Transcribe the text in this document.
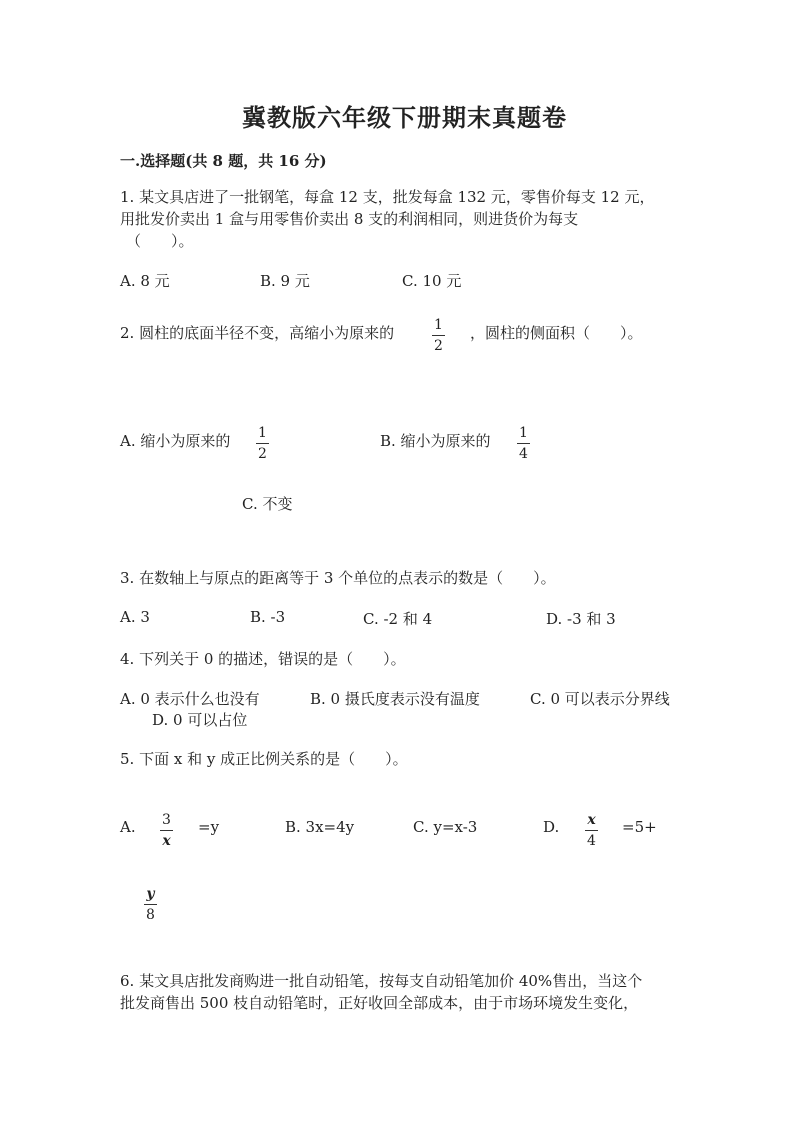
冀教版六年级下册期末真题卷
一.选择题(共 8 题，共 16 分)
1. 某文具店进了一批钢笔，每盒 12 支，批发每盒 132 元，零售价每支 12 元，
用批发价卖出 1 盒与用零售价卖出 8 支的利润相同，则进货价为每支
（　　）。
A. 8 元	B. 9 元	C. 10 元
2. 圆柱的底面半径不变，高缩小为原来的	1
2
，圆柱的侧面积（　　）。
A. 缩小为原来的 1
2
B. 缩小为原来的 1
4
C. 不变
3. 在数轴上与原点的距离等于 3 个单位的点表示的数是（　　）。
A. 3	B. -3	C. -2 和 4	D. -3 和 3
4. 下列关于 0 的描述，错误的是（　　）。
A. 0 表示什么也没有	B. 0 摄氏度表示没有温度	C. 0 可以表示分界线
D. 0 可以占位
5. 下面 x 和 y 成正比例关系的是（　　）。
A. 3
x
=y	B. 3x=4y	C. y=x-3	D. x
4
=5+
y
8
6. 某文具店批发商购进一批自动铅笔，按每支自动铅笔加价 40%售出，当这个
批发商售出 500 枝自动铅笔时，正好收回全部成本，由于市场环境发生变化，
